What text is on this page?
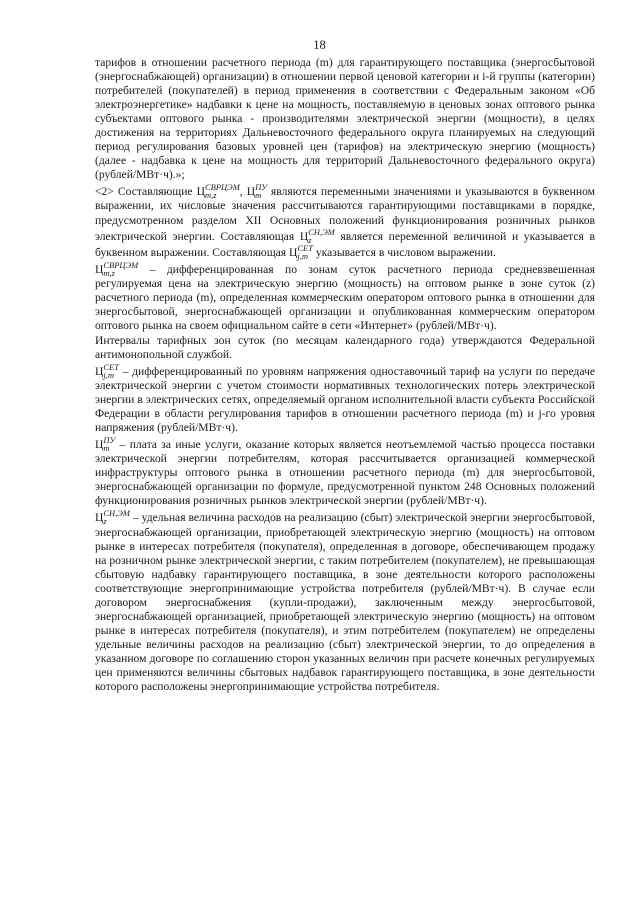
18

тарифов в отношении расчетного периода (m) для гарантирующего поставщика (энергосбытовой (энергоснабжающей) организации) в отношении первой ценовой категории и i-й группы (категории) потребителей (покупателей) в период применения в соответствии с Федеральным законом «Об электроэнергетике» надбавки к цене на мощность, поставляемую в ценовых зонах оптового рынка субъектами оптового рынка - производителями электрической энергии (мощности), в целях достижения на территориях Дальневосточного федерального округа планируемых на следующий период регулирования базовых уровней цен (тарифов) на электрическую энергию (мощность) (далее - надбавка к цене на мощность для территорий Дальневосточного федерального округа) (рублей/МВт·ч).»;

<2> Составляющие Ц СВРЦЭМ
m,z	, Ц ПУ
m являются переменными значениями и указываются в буквенном выражении, их числовые значения рассчитываются гарантирующими поставщиками в порядке, предусмотренном разделом XII Основных положений функционирования розничных рынков электрической энергии. Составляющая Ц СН,ЭМ
z	является переменной величиной и указывается в буквенном выражении. Составляющая Ц СЕТ
j,m указывается в числовом выражении.

Ц СВРЦЭМ
m,z	– дифференцированная по зонам суток расчетного периода средневзвешенная регулируемая цена на электрическую энергию (мощность) на оптовом рынке в зоне суток (z) расчетного периода (m), определенная коммерческим оператором оптового рынка в отношении для энергосбытовой, энергоснабжающей организации и опубликованная коммерческим оператором оптового рынка на своем официальном сайте в сети «Интернет» (рублей/МВт·ч).

Интервалы тарифных зон суток (по месяцам календарного года) утверждаются Федеральной антимонопольной службой.

Ц СЕТ
j,m – дифференцированный по уровням напряжения одноставочный тариф на услуги по передаче электрической энергии с учетом стоимости нормативных технологических потерь электрической энергии в электрических сетях, определяемый органом исполнительной власти субъекта Российской Федерации в области регулирования тарифов в отношении расчетного периода (m) и j-го уровня напряжения (рублей/МВт·ч).

Ц ПУ
m – плата за иные услуги, оказание которых является неотъемлемой частью процесса поставки электрической энергии потребителям, которая рассчитывается организацией коммерческой инфраструктуры оптового рынка в отношении расчетного периода (m) для энергосбытовой, энергоснабжающей организации по формуле, предусмотренной пунктом 248 Основных положений функционирования розничных рынков электрической энергии (рублей/МВт·ч).

Ц СН,ЭМ
z	– удельная величина расходов на реализацию (сбыт) электрической энергии энергосбытовой, энергоснабжающей организации, приобретающей электрическую энергию (мощность) на оптовом рынке в интересах потребителя (покупателя), определенная в договоре, обеспечивающем продажу на розничном рынке электрической энергии, с таким потребителем (покупателем), не превышающая сбытовую надбавку гарантирующего поставщика, в зоне деятельности которого расположены соответствующие энергопринимающие устройства потребителя (рублей/МВт·ч). В случае если договором энергоснабжения (купли-продажи), заключенным между энергосбытовой, энергоснабжающей организацией, приобретающей электрическую энергию (мощность) на оптовом рынке в интересах потребителя (покупателя), и этим потребителем (покупателем) не определены удельные величины расходов на реализацию (сбыт) электрической энергии, то до определения в указанном договоре по соглашению сторон указанных величин при расчете конечных регулируемых цен применяются величины сбытовых надбавок гарантирующего поставщика, в зоне деятельности которого расположены энергопринимающие устройства потребителя.
